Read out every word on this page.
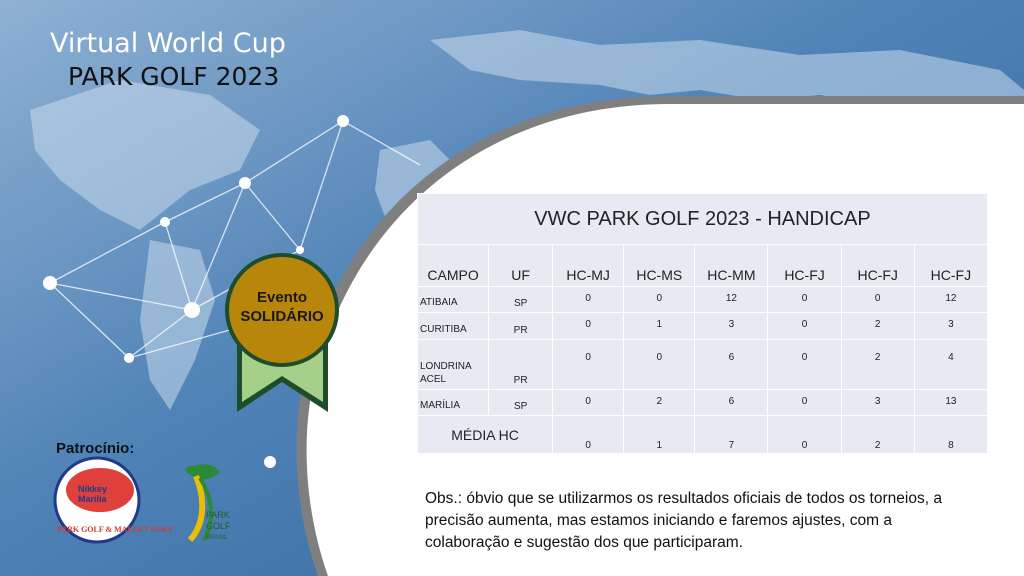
Nikkey
Marília
PARK GOLF & MALLET GOLF
PARK
GOLF
BRASIL
Virtual World Cup
PARK GOLF 2023
Evento
SOLIDÁRIO
Patrocínio:
VWC PARK GOLF 2023 - HANDICAP							
CAMPO	UF	HC-MJ	HC-MS	HC-MM	HC-FJ	HC-FJ	HC-FJ
ATIBAIA	SP	0	0	12	0	0	12
CURITIBA	PR	0	1	3	0	2	3
LONDRINA ACEL	PR	0	0	6	0	2	4
MARÍLIA	SP	0	2	6	0	3	13
MÉDIA HC		0	1	7	0	2	8
Obs.: óbvio que se utilizarmos os resultados oficiais de todos os torneios, a precisão aumenta, mas estamos iniciando e faremos ajustes, com a colaboração e sugestão dos que participaram.
